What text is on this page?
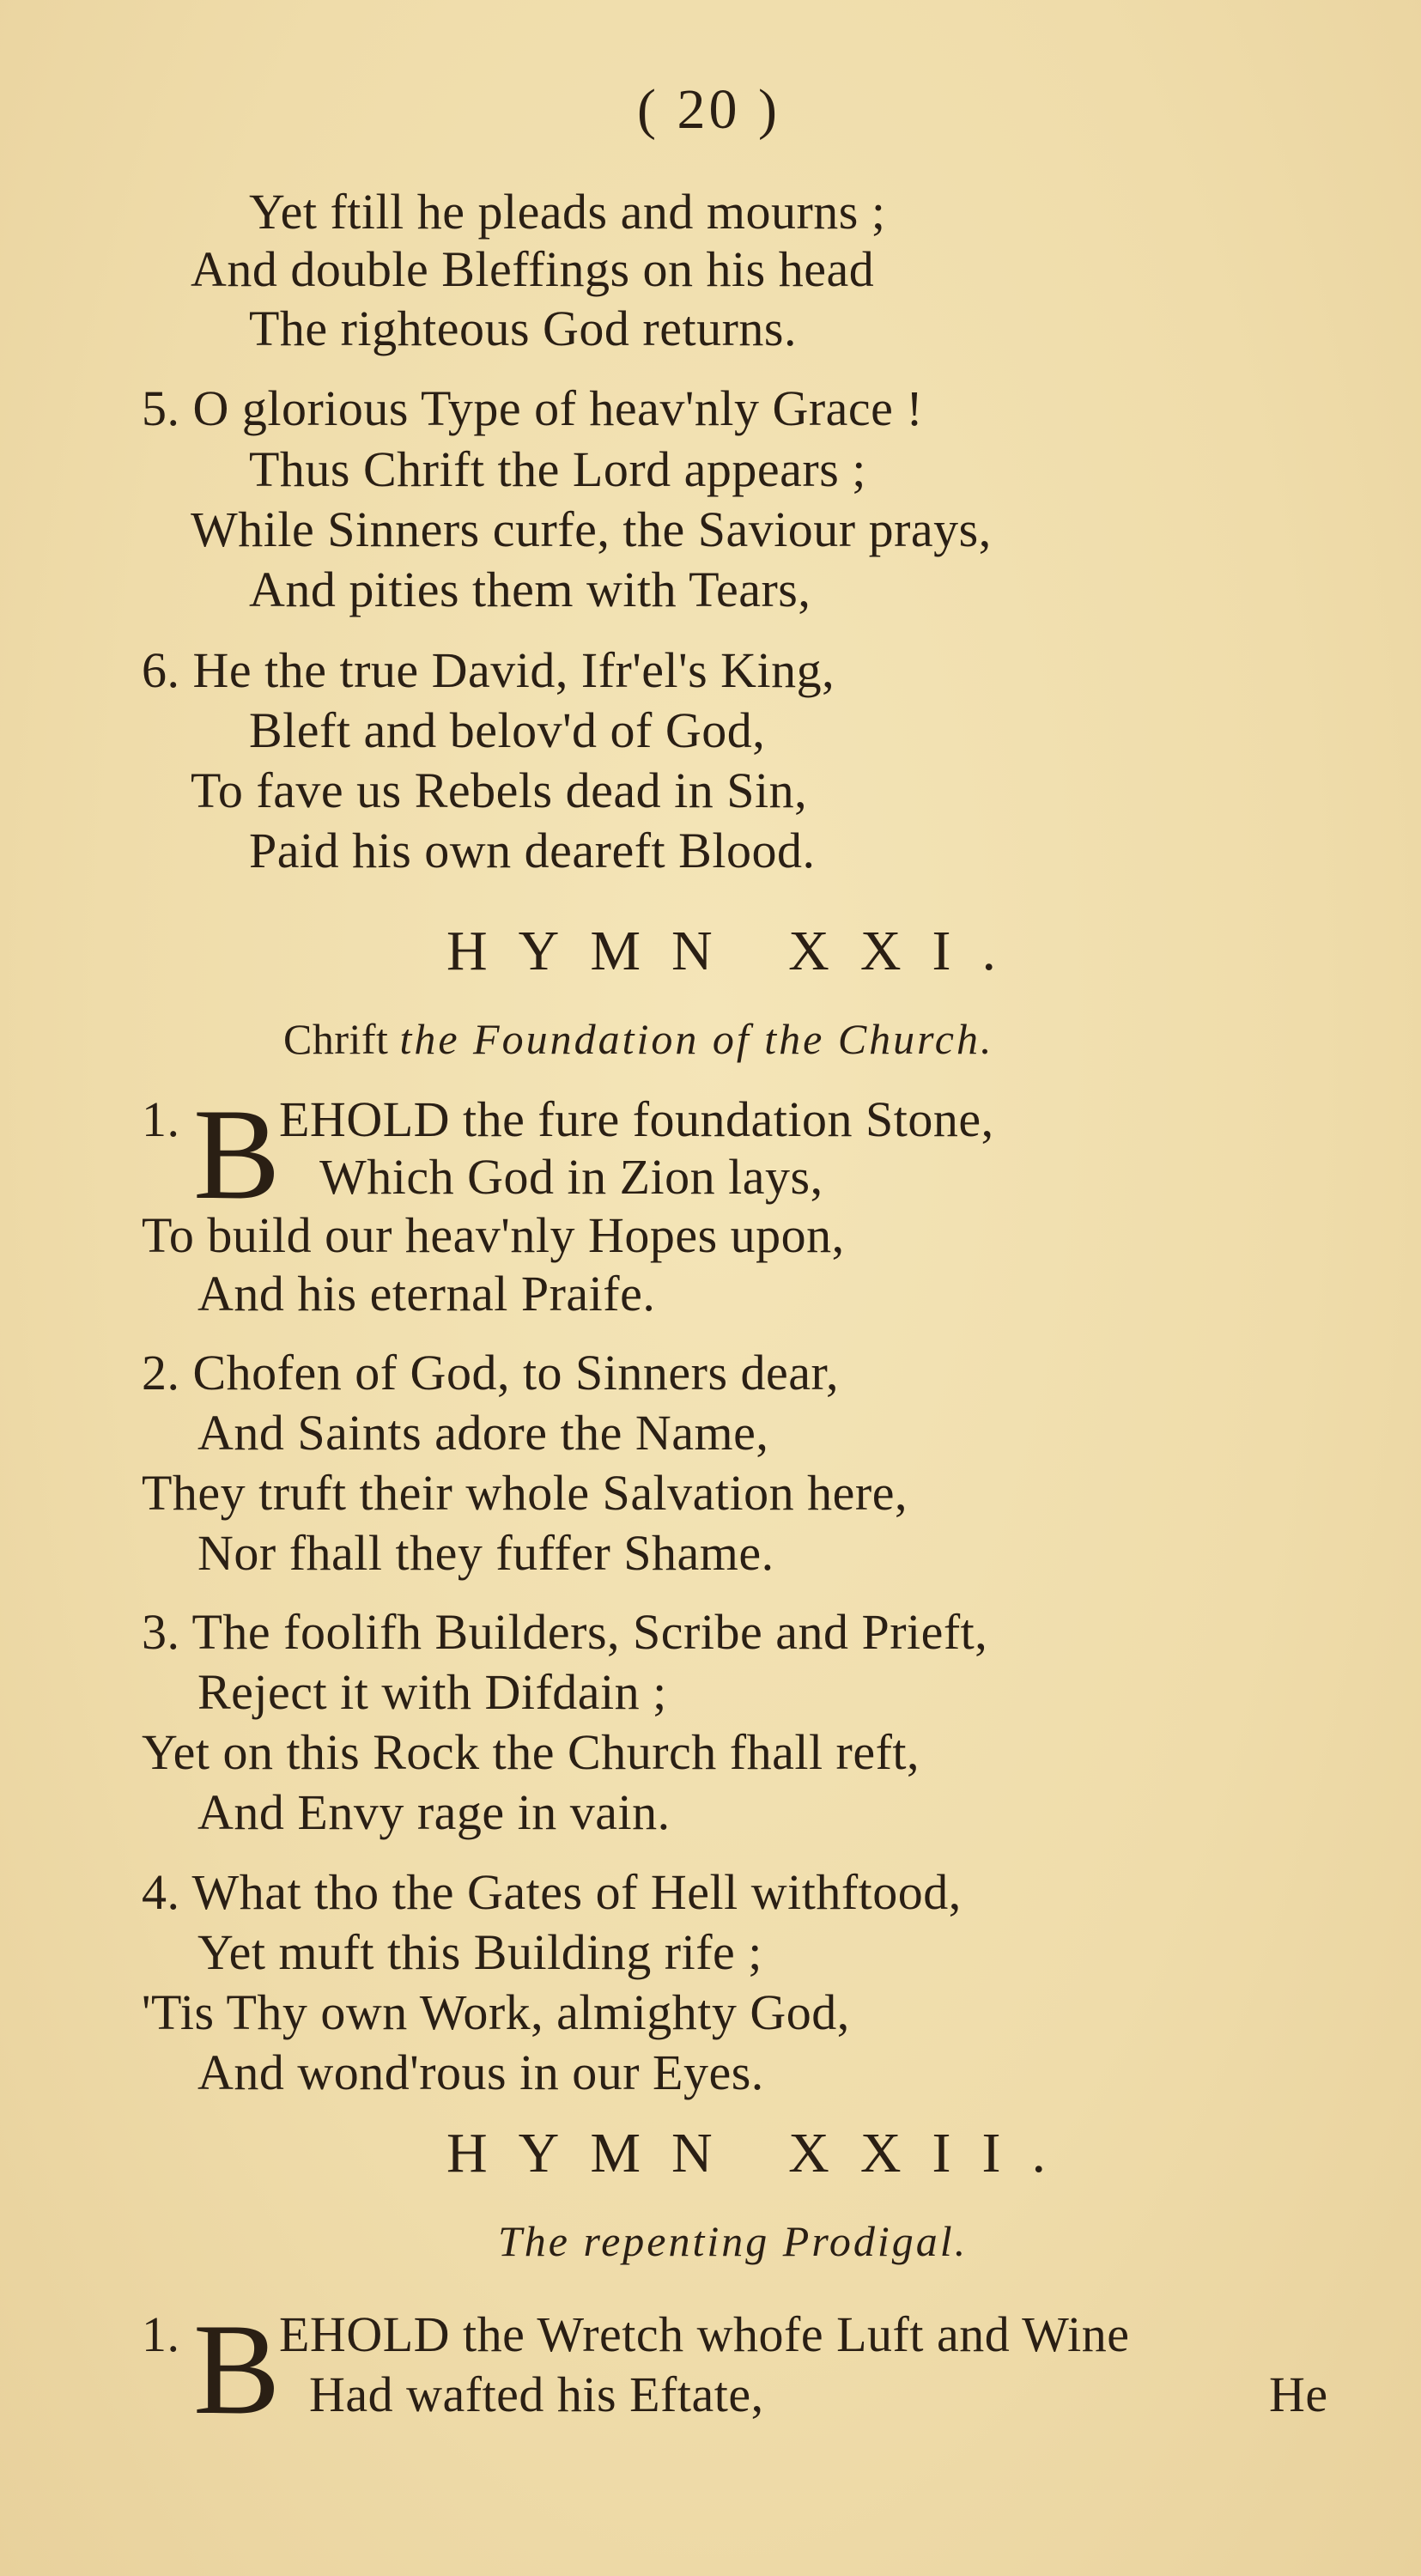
( 20 )
Yet ftill he pleads and mourns ;
And double Bleffings on his head
The righteous God returns.
5. O glorious Type of heav'nly Grace !
Thus Chrift the Lord appears ;
While Sinners curfe, the Saviour prays,
And pities them with Tears,
6. He the true David, Ifr'el's King,
Bleft and belov'd of God,
To fave us Rebels dead in Sin,
Paid his own deareft Blood.
HYMN XXI.
Chrift the Foundation of the Church.
1. B
EHOLD the fure foundation Stone,
Which God in Zion lays,
To build our heav'nly Hopes upon,
And his eternal Praife.
2. Chofen of God, to Sinners dear,
And Saints adore the Name,
They truft their whole Salvation here,
Nor fhall they fuffer Shame.
3. The foolifh Builders, Scribe and Prieft,
Reject it with Difdain ;
Yet on this Rock the Church fhall reft,
And Envy rage in vain.
4. What tho the Gates of Hell withftood,
Yet muft this Building rife ;
'Tis Thy own Work, almighty God,
And wond'rous in our Eyes.
HYMN XXII.
The repenting Prodigal.
1. B
EHOLD the Wretch whofe Luft and Wine
Had wafted his Eftate,	He
